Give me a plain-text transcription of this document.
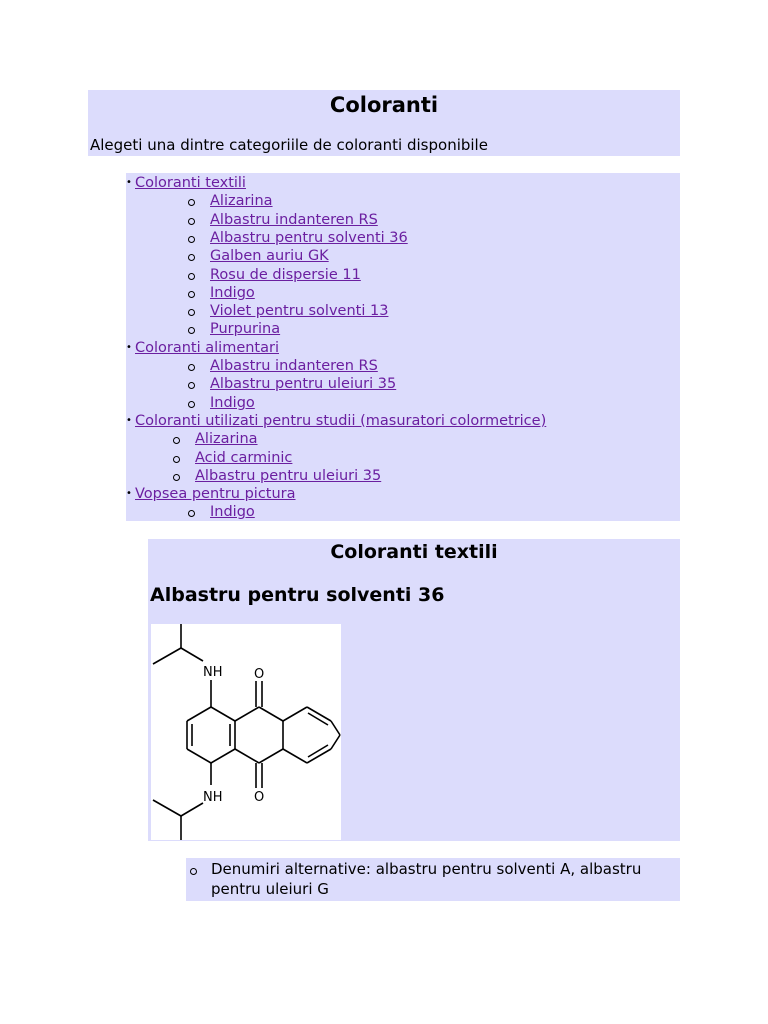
Coloranti
Alegeti una dintre categoriile de coloranti disponibile
• Coloranti textili
Alizarina
Albastru indanteren RS
Albastru pentru solventi 36
Galben auriu GK
Rosu de dispersie 11
Indigo
Violet pentru solventi 13
Purpurina
• Coloranti alimentari
Albastru indanteren RS
Albastru pentru uleiuri 35
Indigo
• Coloranti utilizati pentru studii (masuratori colormetrice)
Alizarina
Acid carminic
Albastru pentru uleiuri 35
• Vopsea pentru pictura
Indigo
Coloranti textili
Albastru pentru solventi 36
NH O
NH O
Denumiri alternative: albastru pentru solventi A, albastru pentru uleiuri G
